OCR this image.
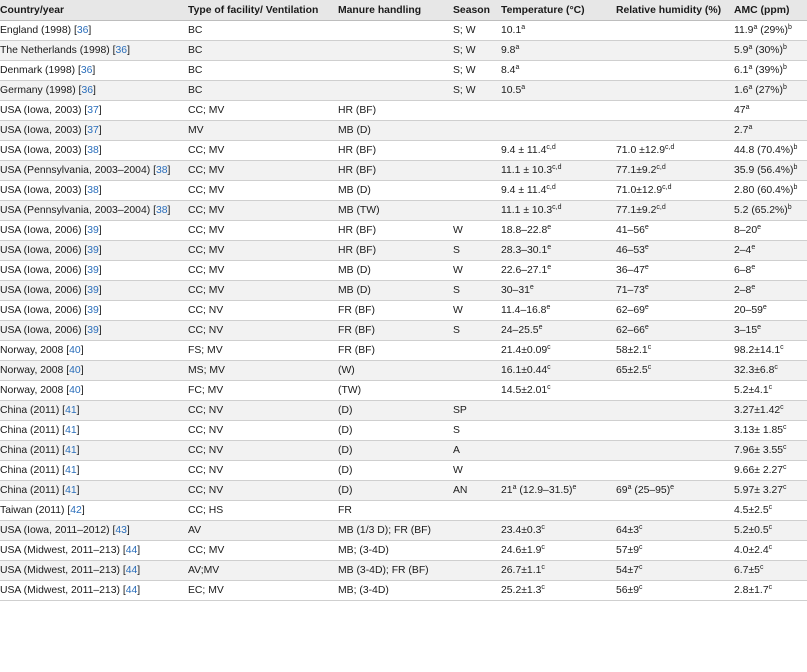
Country/year	Type of facility/ Ventilation	Manure handling	Season	Temperature (°C)	Relative humidity (%)	AMC (ppm)
England (1998) [36]	BC		S; W	10.1$^a$		11.9$^a$ $(29\%)^b$
The Netherlands (1998) [36]	BC		S; W	9.8$^a$		5.9$^a$ $(30\%)^b$
Denmark (1998) [36]	BC		S; W	8.4$^a$		6.1$^a$ $(39\%)^b$
Germany (1998) [36]	BC		S; W	10.5$^a$		1.6$^a$ $(27\%)^b$
USA (Iowa, 2003) [37]	CC; MV	HR (BF)				47$^a$
USA (Iowa, 2003) [37]	MV	MB (D)				2.7$^a$
USA (Iowa, 2003) [38]	CC; MV	HR (BF)		$9.4 \pm 11.4^{c,d}$	$71.0 \pm 12.9^{c,d}$	44.8 $(70.4\%)^b$
USA (Pennsylvania, 2003–2004) [38]	CC; MV	HR (BF)		$11.1 \pm 10.3^{c,d}$	$77.1\pm 9.2^{c,d}$	35.9 $(56.4\%)^b$
USA (Iowa, 2003) [38]	CC; MV	MB (D)		$9.4 \pm 11.4^{c,d}$	$71.0\pm 12.9^{c,d}$	2.80 $(60.4\%)^b$
USA (Pennsylvania, 2003–2004) [38]	CC; MV	MB (TW)		$11.1 \pm 10.3^{c,d}$	$77.1\pm 9.2^{c,d}$	5.2 $(65.2\%)^b$
USA (Iowa, 2006) [39]	CC; MV	HR (BF)	W	18.8–22.8e	41–56e	8–20e
USA (Iowa, 2006) [39]	CC; MV	HR (BF)	S	28.3–30.1e	46–53e	2–4e
USA (Iowa, 2006) [39]	CC; MV	MB (D)	W	22.6–27.1e	36–47e	6–8e
USA (Iowa, 2006) [39]	CC; MV	MB (D)	S	30–31e	71–73e	2–8e
USA (Iowa, 2006) [39]	CC; NV	FR (BF)	W	11.4–16.8e	62–69e	20–59e
USA (Iowa, 2006) [39]	CC; NV	FR (BF)	S	24–25.5e	62–66e	3–15e
Norway, 2008 [40]	FS; MV	FR (BF)		21.4±0.09$^c$	58±2.1$^c$	98.2±14.1$^c$
Norway, 2008 [40]	MS; MV	(W)		16.1±0.44$^c$	65±2.5$^c$	32.3±6.8$^c$
Norway, 2008 [40]	FC; MV	(TW)		14.5±2.01$^c$		5.2±4.1$^c$
China (2011) [41]	CC; NV	(D)	SP			3.27±1.42$^c$
China (2011) [41]	CC; NV	(D)	S			3.13± 1.85$^c$
China (2011) [41]	CC; NV	(D)	A			7.96± 3.55$^c$
China (2011) [41]	CC; NV	(D)	W			9.66± 2.27$^c$
China (2011) [41]	CC; NV	(D)	AN	21$^a$ $(12.9-31.5)^e$	69$^a$ $(25-95)^e$	5.97± 3.27$^c$
Taiwan (2011) [42]	CC; HS	FR				4.5±2.5$^c$
USA (Iowa, 2011–2012) [43]	AV	MB (1/3 D); FR (BF)		23.4±0.3$^c$	$64\pm 3^c$	5.2±0.5$^c$
USA (Midwest, 2011–213) [44]	CC; MV	MB; (3-4D)		24.6±1.9$^c$	$57\pm 9^c$	4.0±2.4$^c$
USA (Midwest, 2011–213) [44]	AV;MV	MB (3-4D); FR (BF)		26.7±1.1$^c$	$54\pm 7^c$	$6.7\pm 5^c$
USA (Midwest, 2011–213) [44]	EC; MV	MB; (3-4D)		25.2±1.3$^c$	$56\pm 9^c$	2.8±1.7$^c$
